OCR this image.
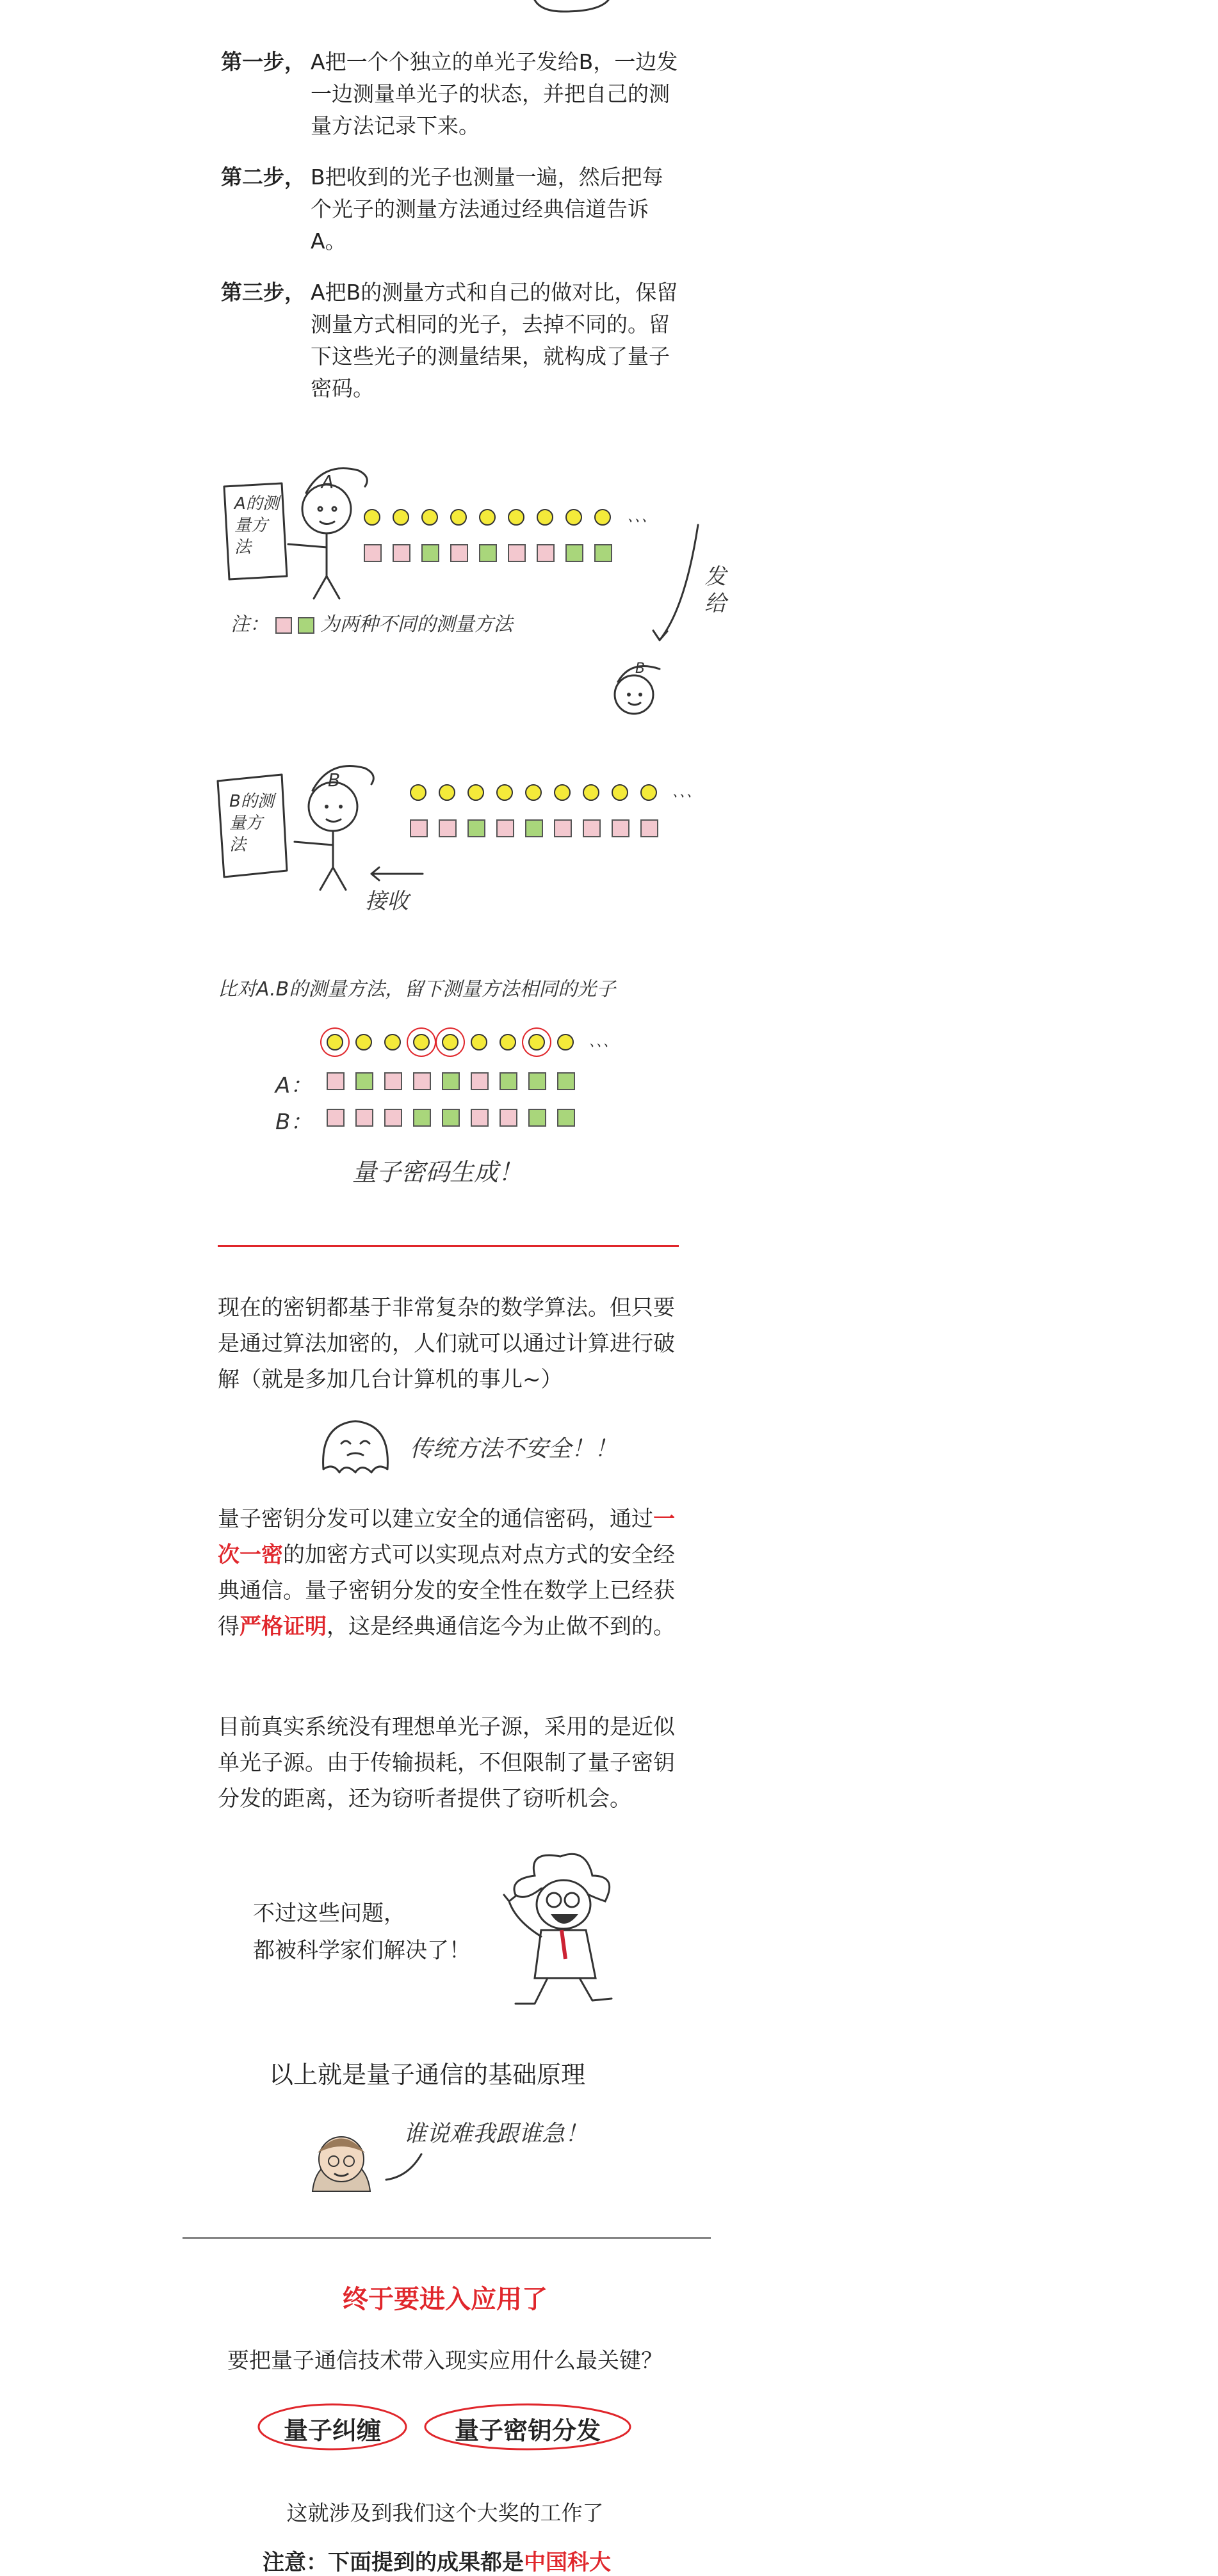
第一步， A把一个个独立的单光子发给B，一边发一边测量单光子的状态，并把自己的测量方法记录下来。
第二步， B把收到的光子也测量一遍，然后把每个光子的测量方法通过经典信道告诉A。
第三步， A把B的测量方式和自己的做对比，保留测量方式相同的光子，去掉不同的。留下这些光子的测量结果，就构成了量子密码。
A的测量方法
A
、、、
发给
注：	为两种不同的测量方法
B
B的测量方法
B
、、、
接收
比对A.B的测量方法，留下测量方法相同的光子
、、、
A：
B：
量子密码生成！
现在的密钥都基于非常复杂的数学算法。但只要是通过算法加密的，人们就可以通过计算进行破解（就是多加几台计算机的事儿~）
传统方法不安全！！
量子密钥分发可以建立安全的通信密码，通过一次一密的加密方式可以实现点对点方式的安全经典通信。量子密钥分发的安全性在数学上已经获得严格证明，这是经典通信迄今为止做不到的。
目前真实系统没有理想单光子源，采用的是近似单光子源。由于传输损耗，不但限制了量子密钥分发的距离，还为窃听者提供了窃听机会。
不过这些问题，
都被科学家们解决了！
以上就是量子通信的基础原理
谁说难我跟谁急！
终于要进入应用了
要把量子通信技术带入现实应用什么最关键？
量子纠缠	量子密钥分发
这就涉及到我们这个大奖的工作了
注意：下面提到的成果都是中国科大
